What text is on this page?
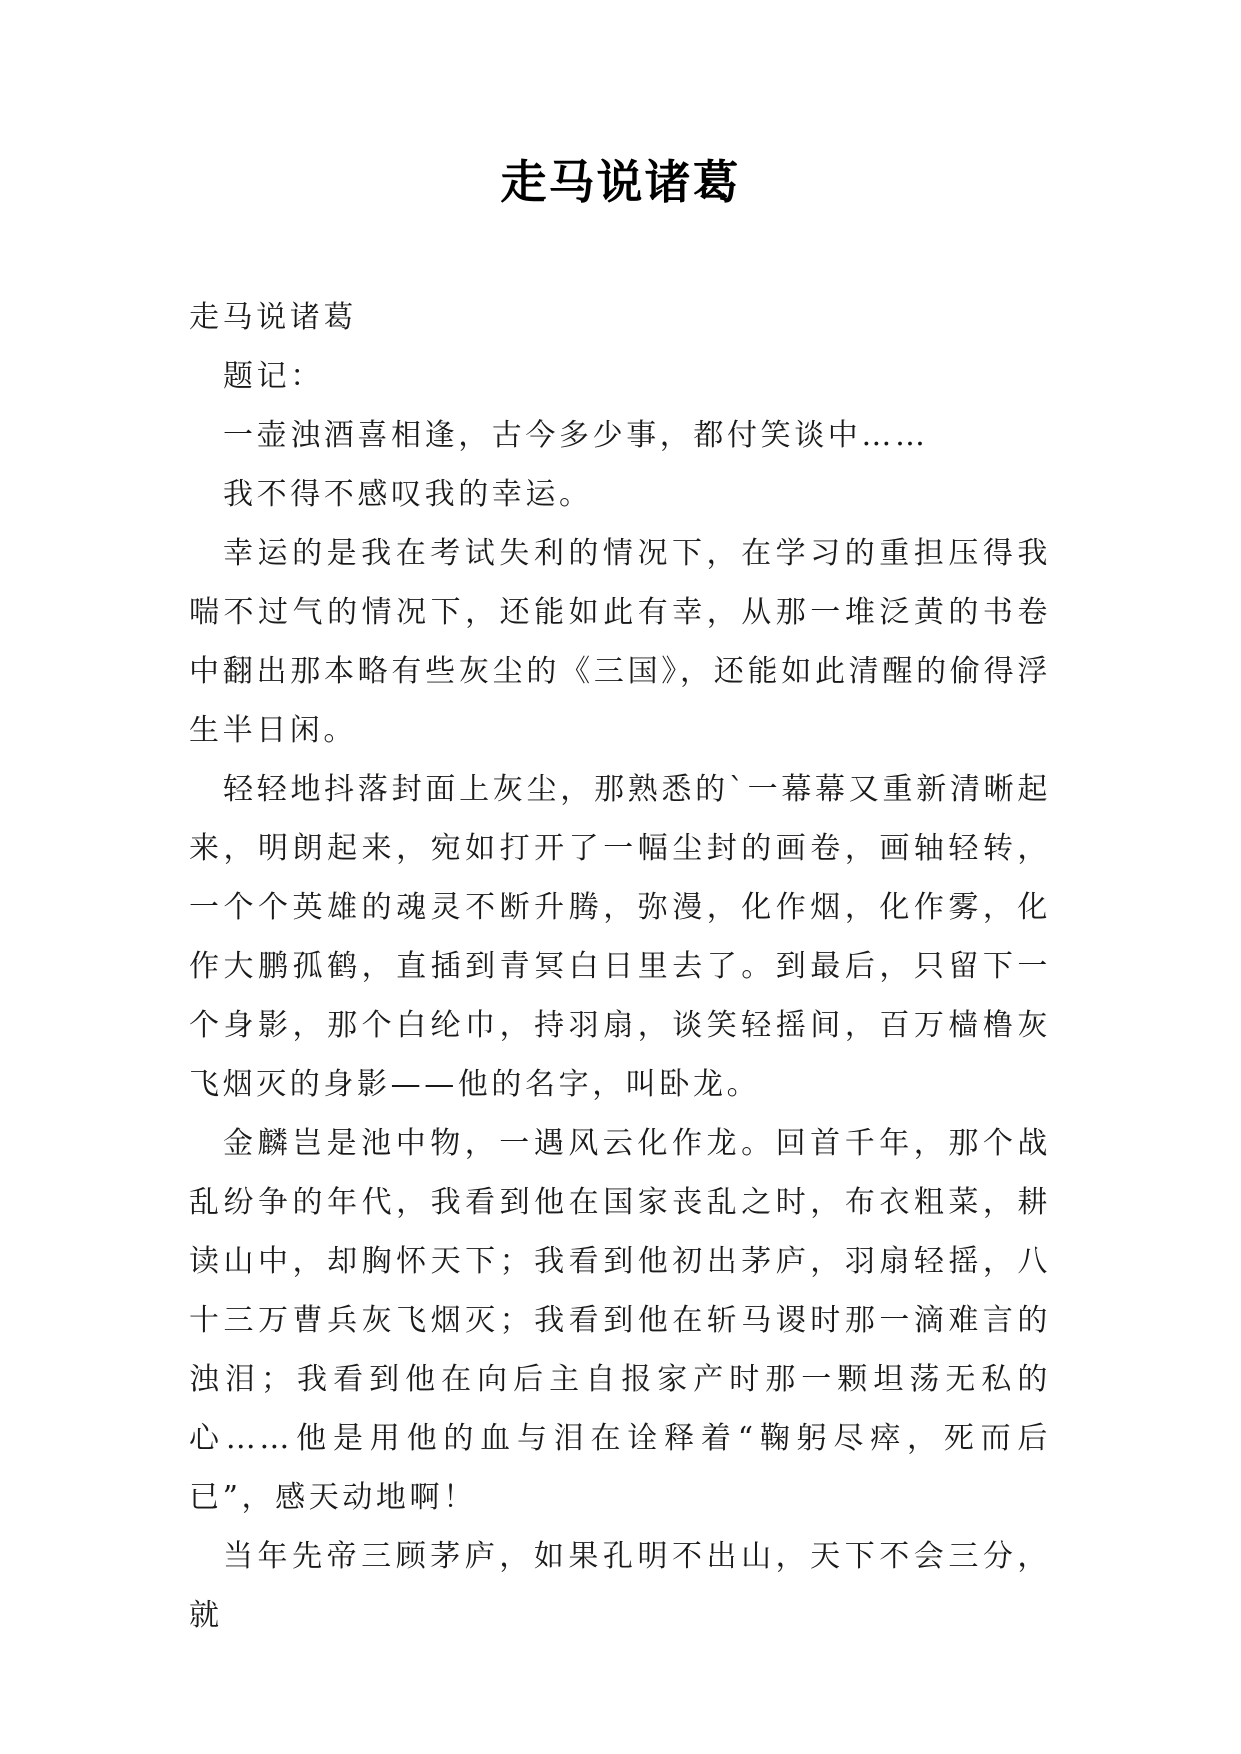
走马说诸葛

走马说诸葛

题记：

一壶浊酒喜相逢，古今多少事，都付笑谈中……

我不得不感叹我的幸运。

幸运的是我在考试失利的情况下，在学习的重担压得我喘不过气的情况下，还能如此有幸，从那一堆泛黄的书卷中翻出那本略有些灰尘的《三国》，还能如此清醒的偷得浮生半日闲。

轻轻地抖落封面上灰尘，那熟悉的`一幕幕又重新清晰起来，明朗起来，宛如打开了一幅尘封的画卷，画轴轻转，一个个英雄的魂灵不断升腾，弥漫，化作烟，化作雾，化作大鹏孤鹤，直插到青冥白日里去了。到最后，只留下一个身影，那个白纶巾，持羽扇，谈笑轻摇间，百万樯橹灰飞烟灭的身影——他的名字，叫卧龙。

金麟岂是池中物，一遇风云化作龙。回首千年，那个战乱纷争的年代，我看到他在国家丧乱之时，布衣粗菜，耕读山中，却胸怀天下；我看到他初出茅庐，羽扇轻摇，八十三万曹兵灰飞烟灭；我看到他在斩马谡时那一滴难言的浊泪；我看到他在向后主自报家产时那一颗坦荡无私的心……他是用他的血与泪在诠释着“鞠躬尽瘁，死而后已”，感天动地啊！

当年先帝三顾茅庐，如果孔明不出山，天下不会三分，就
